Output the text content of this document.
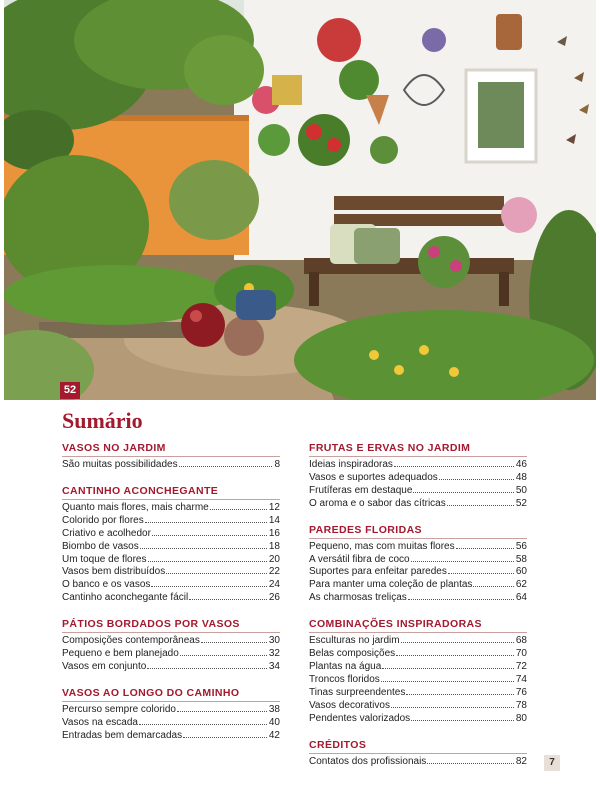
52
Sumário
VASOS NO JARDIM
São muitas possibilidades	8
CANTINHO ACONCHEGANTE
Quanto mais flores, mais charme	12
Colorido por flores	14
Criativo e acolhedor	16
Biombo de vasos	18
Um toque de flores	20
Vasos bem distribuídos	22
O banco e os vasos	24
Cantinho aconchegante fácil	26
PÁTIOS BORDADOS POR VASOS
Composições contemporâneas	30
Pequeno e bem planejado	32
Vasos em conjunto	34
VASOS AO LONGO DO CAMINHO
Percurso sempre colorido	38
Vasos na escada	40
Entradas bem demarcadas	42
FRUTAS E ERVAS NO JARDIM
Ideias inspiradoras	46
Vasos e suportes adequados	48
Frutíferas em destaque	50
O aroma e o sabor das cítricas	52
PAREDES FLORIDAS
Pequeno, mas com muitas flores	56
A versátil fibra de coco	58
Suportes para enfeitar paredes	60
Para manter uma coleção de plantas	62
As charmosas treliças	64
COMBINAÇÕES INSPIRADORAS
Esculturas no jardim	68
Belas composições	70
Plantas na água	72
Troncos floridos	74
Tinas surpreendentes	76
Vasos decorativos	78
Pendentes valorizados	80
CRÉDITOS
Contatos dos profissionais	82	7
